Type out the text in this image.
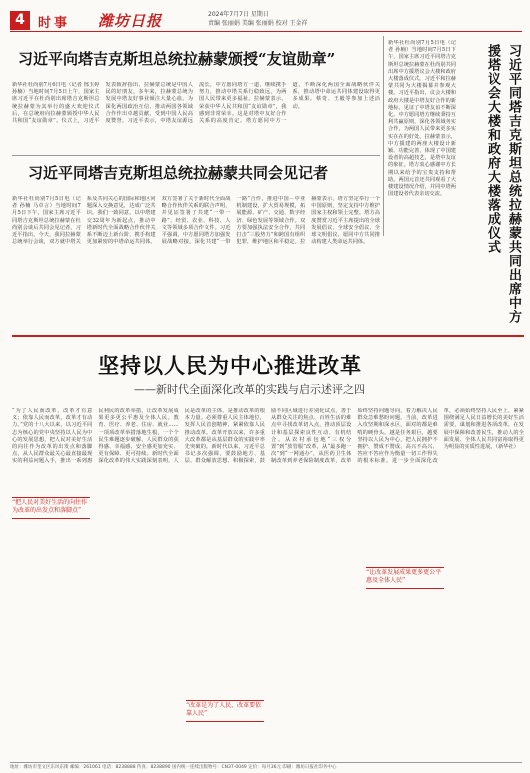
4	时事 潍坊日报	2024年7月7日 星期日
责编 张丽娟 美编 张丽娟 校对 王金祥
习近平向塔吉克斯坦总统拉赫蒙颁授“友谊勋章”
新华社杜尚别7月6日电（记者 邢玉婷 孙楠）当地时间7月5日上午，国家主席习近平在杜尚别出席塔吉克斯坦总统拉赫蒙为其举行的盛大欢迎仪式后，在总统府向拉赫蒙颁授中华人民共和国“友谊勋章”。仪式上，习近平发表致辞指出，拉赫蒙总统是中国人民的好朋友。多年来，拉赫蒙总统为发展中塔友好事业倾注大量心血，为深化两国政治互信、推动两国各领域合作作出卓越贡献，受到中国人民高度赞誉。习近平表示，中塔友谊源远流长，中方愿同塔方一道，继续携手努力，推动中塔关系行稳致远，为两国人民带来更多福祉。拉赫蒙表示，荣获中华人民共和国“友谊勋章”，我感到非常荣幸。这是对塔中友好合作关系的高度肯定。塔方愿同中方一道，不断深化两国全面战略伙伴关系，推动塔中命运共同体建设取得更多成果。蔡奇、王毅等参加上述活动。
习近平同塔吉克斯坦总统拉赫蒙共同会见记者
新华社杜尚别7月5日电（记者 孙楠 马卓言）当地时间7月5日下午，国家主席习近平同塔吉克斯坦总统拉赫蒙在杜尚别会谈后共同会见记者。习近平指出，今天，我同拉赫蒙总统举行会谈，双方就中塔关系及共同关心的国际和地区问题深入交换意见，达成广泛共识。我们一致同意，以中塔建交32周年为新起点，推动中塔新时代全面战略合作伙伴关系不断迈上新台阶，携手构建更加紧密的中塔命运共同体。双方签署了关于新时代全面战略合作伙伴关系的联合声明，并见证签署了共建“一带一路”、经贸、农业、科技、人文等领域多项合作文件。习近平强调，中方愿同塔方加强发展战略对接，深化共建“一带一路”合作，推进中国－中亚机制建设，扩大贸易规模，拓展能源、矿产、交通、数字经济、绿色发展等领域合作。双方要加强执法安全合作，共同打击“三股势力”和跨国有组织犯罪，维护地区和平稳定。拉赫蒙表示，塔方坚定奉行一个中国原则，坚定支持中方维护国家主权和领土完整。塔方高度赞赏习近平主席提出的全球发展倡议、全球安全倡议、全球文明倡议，愿同中方共同推动构建人类命运共同体。
新华社杜尚别7月5日电（记者 孙楠）当地时间7月5日下午，国家主席习近平同塔吉克斯坦总统拉赫蒙在杜尚别共同出席中方援塔议会大楼和政府大楼落成仪式。习近平和拉赫蒙共同为大楼揭幕并参观大楼。习近平指出，议会大楼和政府大楼是中塔友好合作的新地标，见证了中塔友谊不断深化。中方愿同塔方继续秉持互利共赢原则，深化各领域务实合作，为两国人民带来更多实实在在的好处。拉赫蒙表示，中方援建的两座大楼设计新颖、功能完善，体现了中国建设者的高超技艺，是塔中友谊的象征。塔方衷心感谢中方长期以来给予的宝贵支持和帮助。两国元首还共同观看了大楼建设情况介绍，并同中塔两国建设者代表亲切交流。	习近平同塔吉克斯坦总统拉赫蒙共同出席中方援塔议会大楼和政府大楼落成仪式
坚持以人民为中心推进改革
——新时代全面深化改革的实践与启示述评之四
“为了人民而改革，改革才有意义；依靠人民而改革，改革才有动力。”党的十八大以来，以习近平同志为核心的党中央坚持以人民为中心的发展思想，把人民对美好生活的向往作为改革的出发点和落脚点，从人民群众最关心最直接最现实的利益问题入手，推出一系列惠民利民的改革举措，让改革发展成果更多更公平惠及全体人民。教育、医疗、养老、住房、就业……一项项改革举措落地生根，一个个民生难题逐步破解，人民群众的获得感、幸福感、安全感更加充实、更有保障、更可持续。新时代全面深化改革的伟大实践深刻表明，人民是改革的主体，是推动改革的根本力量。必须尊重人民主体地位，发挥人民首创精神，紧紧依靠人民推动改革。改革开放以来，许多重大改革都是从基层群众的实践中率先突破的。新时代以来，习近平总书记多次强调，要鼓励地方、基层、群众解放思想、积极探索，鼓励不同区域进行差别化试点，善于从群众关注的焦点、百姓生活的难点中寻找改革切入点，推动顶层设计和基层探索良性互动、有机结合。从农村承包地“三权分置”到“放管服”改革，从“最多跑一次”到“一网通办”，从医药卫生体制改革到养老保险制度改革，改革始终坚持问题导向，着力解决人民群众急难愁盼问题。当前，改革进入攻坚期和深水区，面对的都是难啃的硬骨头。越是任务艰巨，越要坚持以人民为中心，把人民拥护不拥护、赞成不赞成、高兴不高兴、答应不答应作为衡量一切工作得失的根本标准。进一步全面深化改革，必须始终坚持人民至上，紧紧围绕满足人民日益增长的美好生活需要，谋划和推进各项改革，在发展中保障和改善民生，推动人的全面发展、全体人民共同富裕取得更为明显的实质性进展。（新华社）
“把人民对美好生活的向往作为改革的出发点和落脚点”
“让改革发展成果更多更公平惠及全体人民”
“改革是为了人民，改革要依靠人民”
地址：潍坊市奎文区东风东街 邮编：261061 电话：8238888 传真：8238890 国内统一连续出版物号：CN37-0049 定价：每月36元 印刷：潍坊日报社印务中心
